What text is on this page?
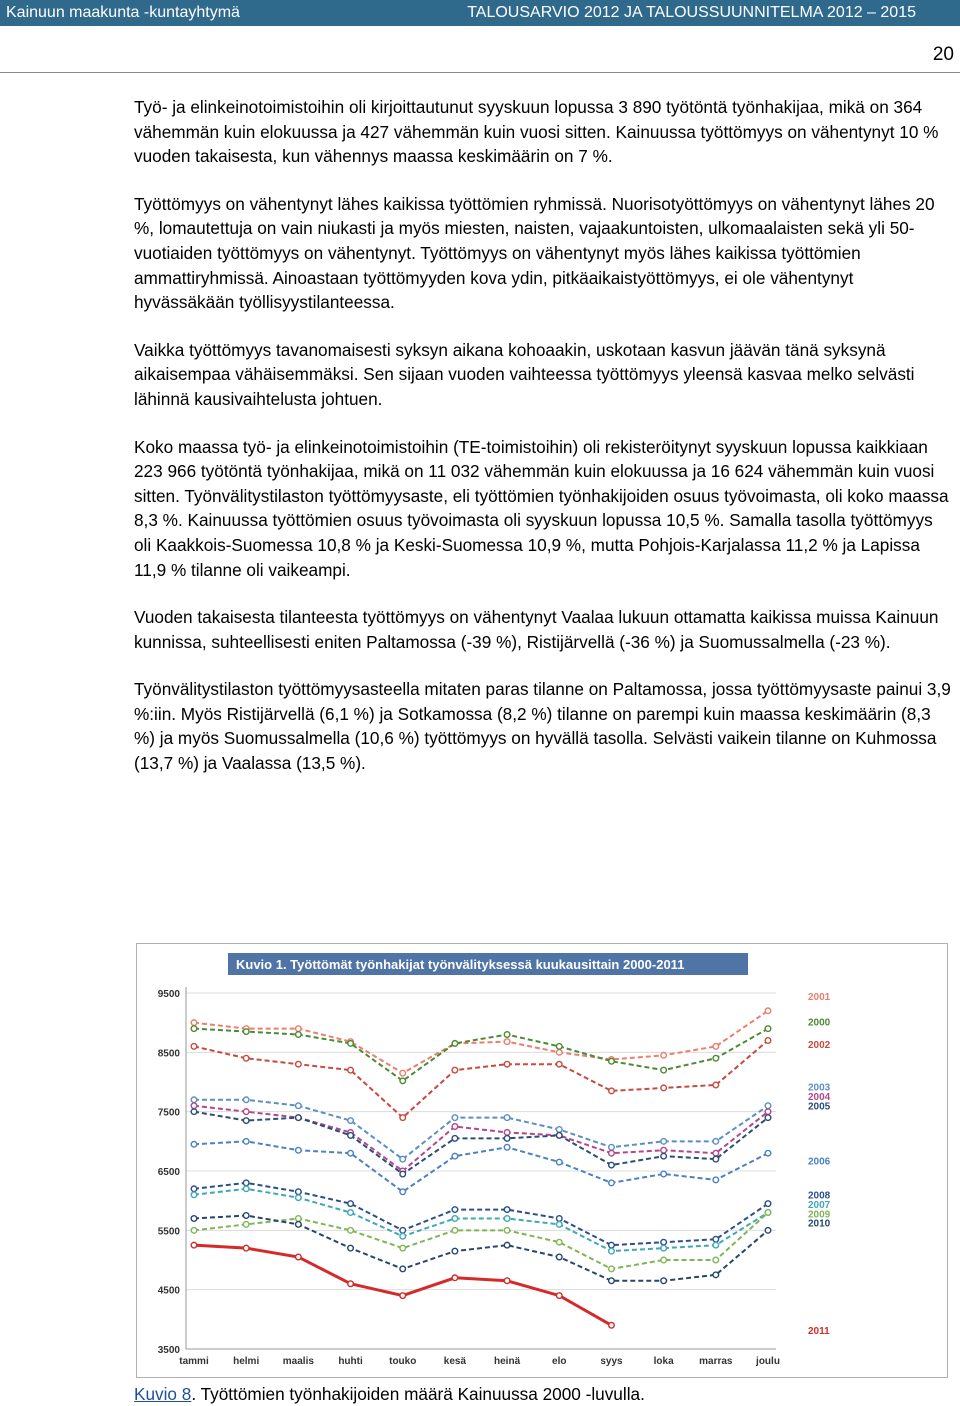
Kainuun maakunta -kuntayhtymä	TALOUSARVIO 2012 JA TALOUSSUUNNITELMA 2012 – 2015
20

Työ- ja elinkeinotoimistoihin oli kirjoittautunut syyskuun lopussa 3 890 työtöntä työnhakijaa, mikä on 364 vähemmän kuin elokuussa ja 427 vähemmän kuin vuosi sitten. Kainuussa työttömyys on vähentynyt 10 % vuoden takaisesta, kun vähennys maassa keskimäärin on 7 %.

Työttömyys on vähentynyt lähes kaikissa työttömien ryhmissä. Nuorisotyöttömyys on vähentynyt lähes 20 %, lomautettuja on vain niukasti ja myös miesten, naisten, vajaakuntoisten, ulkomaalaisten sekä yli 50-vuotiaiden työttömyys on vähentynyt. Työttömyys on vähentynyt myös lähes kaikissa työttömien ammattiryhmissä. Ainoastaan työttömyyden kova ydin, pitkäaikaistyöttömyys, ei ole vähentynyt hyvässäkään työllisyystilanteessa.

Vaikka työttömyys tavanomaisesti syksyn aikana kohoaakin, uskotaan kasvun jäävän tänä syksynä aikaisempaa vähäisemmäksi. Sen sijaan vuoden vaihteessa työttömyys yleensä kasvaa melko selvästi lähinnä kausivaihtelusta johtuen.

Koko maassa työ- ja elinkeinotoimistoihin (TE-toimistoihin) oli rekisteröitynyt syyskuun lopussa kaikkiaan 223 966 työtöntä työnhakijaa, mikä on 11 032 vähemmän kuin elokuussa ja 16 624 vähemmän kuin vuosi sitten. Työnvälitystilaston työttömyysaste, eli työttömien työnhakijoiden osuus työvoimasta, oli koko maassa 8,3 %. Kainuussa työttömien osuus työvoimasta oli syyskuun lopussa 10,5 %. Samalla tasolla työttömyys oli Kaakkois-Suomessa 10,8 % ja Keski-Suomessa 10,9 %, mutta Pohjois-Karjalassa 11,2 % ja Lapissa 11,9 % tilanne oli vaikeampi.

Vuoden takaisesta tilanteesta työttömyys on vähentynyt Vaalaa lukuun ottamatta kaikissa muissa Kainuun kunnissa, suhteellisesti eniten Paltamossa (-39 %), Ristijärvellä (-36 %) ja Suomussalmella (-23 %).

Työnvälitystilaston työttömyysasteella mitaten paras tilanne on Paltamossa, jossa työttömyysaste painui 3,9 %:iin. Myös Ristijärvellä (6,1 %) ja Sotkamossa (8,2 %) tilanne on parempi kuin maassa keskimäärin (8,3 %) ja myös Suomussalmella (10,6 %) työttömyys on hyvällä tasolla. Selvästi vaikein tilanne on Kuhmossa (13,7 %) ja Vaalassa (13,5 %).

Kuvio 1. Työttömät työnhakijat työnvälityksessä kuukausittain 2000-2011
3500
4500
5500
6500
7500
8500
9500
tammi helmi maalis huhti	touko	kesä	heinä	elo	syys	loka	marras joulu
2001
2000
2002
2003
2004
2005
2006
2008
2007
2009
2010
2011
Kuvio 8. Työttömien työnhakijoiden määrä Kainuussa 2000 -luvulla.
